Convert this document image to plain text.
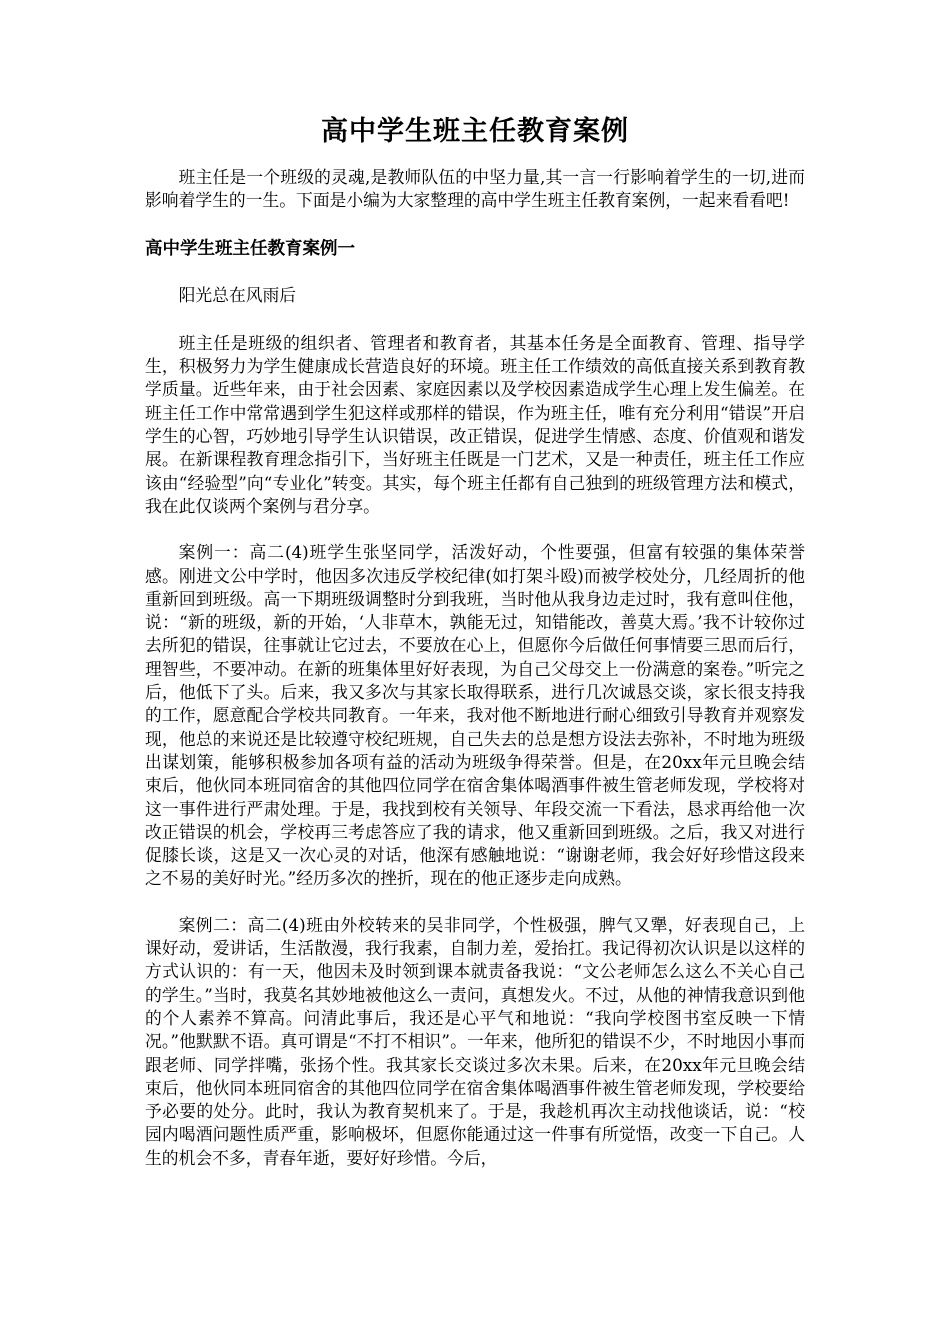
高中学生班主任教育案例

班主任是一个班级的灵魂,是教师队伍的中坚力量,其一言一行影响着学生的一切,进而影响着学生的一生。下面是小编为大家整理的高中学生班主任教育案例，一起来看看吧!

高中学生班主任教育案例一

阳光总在风雨后

班主任是班级的组织者、管理者和教育者，其基本任务是全面教育、管理、指导学生，积极努力为学生健康成长营造良好的环境。班主任工作绩效的高低直接关系到教育教学质量。近些年来，由于社会因素、家庭因素以及学校因素造成学生心理上发生偏差。在班主任工作中常常遇到学生犯这样或那样的错误，作为班主任，唯有充分利用“错误”开启学生的心智，巧妙地引导学生认识错误，改正错误，促进学生情感、态度、价值观和谐发展。在新课程教育理念指引下，当好班主任既是一门艺术，又是一种责任，班主任工作应该由“经验型”向“专业化”转变。其实，每个班主任都有自己独到的班级管理方法和模式，我在此仅谈两个案例与君分享。

案例一：高二(4)班学生张坚同学，活泼好动，个性要强，但富有较强的集体荣誉感。刚进文公中学时，他因多次违反学校纪律(如打架斗殴)而被学校处分，几经周折的他重新回到班级。高一下期班级调整时分到我班，当时他从我身边走过时，我有意叫住他，说：“新的班级，新的开始，‘人非草木，孰能无过，知错能改，善莫大焉。’我不计较你过去所犯的错误，往事就让它过去，不要放在心上，但愿你今后做任何事情要三思而后行，理智些，不要冲动。在新的班集体里好好表现，为自己父母交上一份满意的案卷。”听完之后，他低下了头。后来，我又多次与其家长取得联系，进行几次诚恳交谈，家长很支持我的工作，愿意配合学校共同教育。一年来，我对他不断地进行耐心细致引导教育并观察发现，他总的来说还是比较遵守校纪班规，自己失去的总是想方设法去弥补，不时地为班级出谋划策，能够积极参加各项有益的活动为班级争得荣誉。但是，在20xx年元旦晚会结束后，他伙同本班同宿舍的其他四位同学在宿舍集体喝酒事件被生管老师发现，学校将对这一事件进行严肃处理。于是，我找到校有关领导、年段交流一下看法，恳求再给他一次改正错误的机会，学校再三考虑答应了我的请求，他又重新回到班级。之后，我又对进行促膝长谈，这是又一次心灵的对话，他深有感触地说：“谢谢老师，我会好好珍惜这段来之不易的美好时光。”经历多次的挫折，现在的他正逐步走向成熟。

案例二：高二(4)班由外校转来的吴非同学，个性极强，脾气又犟，好表现自己，上课好动，爱讲话，生活散漫，我行我素，自制力差，爱抬扛。我记得初次认识是以这样的方式认识的：有一天，他因未及时领到课本就责备我说：“文公老师怎么这么不关心自己的学生。”当时，我莫名其妙地被他这么一责问，真想发火。不过，从他的神情我意识到他的个人素养不算高。问清此事后，我还是心平气和地说：“我向学校图书室反映一下情况。”他默默不语。真可谓是“不打不相识”。一年来，他所犯的错误不少，不时地因小事而跟老师、同学拌嘴，张扬个性。我其家长交谈过多次未果。后来，在20xx年元旦晚会结束后，他伙同本班同宿舍的其他四位同学在宿舍集体喝酒事件被生管老师发现，学校要给予必要的处分。此时，我认为教育契机来了。于是，我趁机再次主动找他谈话，说：“校园内喝酒问题性质严重，影响极坏，但愿你能通过这一件事有所觉悟，改变一下自己。人生的机会不多，青春年逝，要好好珍惜。今后，
